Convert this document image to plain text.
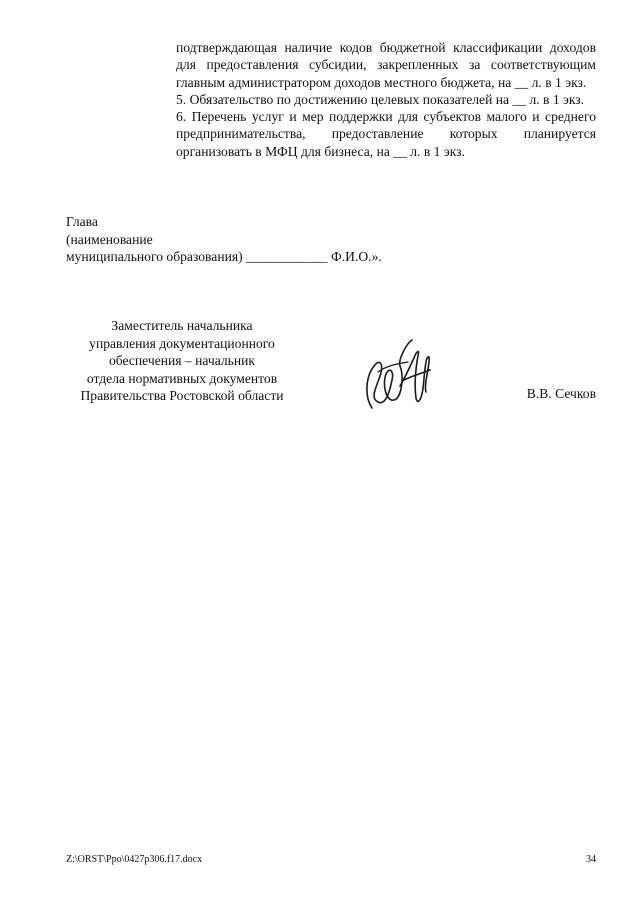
подтверждающая наличие кодов бюджетной классификации доходов для предоставления субсидии, закрепленных за соответствующим главным администратором доходов местного бюджета, на __ л. в 1 экз.

5. Обязательство по достижению целевых показателей на __ л. в 1 экз.

6. Перечень услуг и мер поддержки для субъектов малого и среднего предпринимательства, предоставление которых планируется организовать в МФЦ для бизнеса, на __ л. в 1 экз.

Глава
(наименование
муниципального образования) ____________ Ф.И.О.».
Заместитель начальника
управления документационного
обеспечения – начальник
отдела нормативных документов
Правительства Ростовской области	В.В. Сечков
Z:\ORST\Ppo\0427p306.f17.docx	34
